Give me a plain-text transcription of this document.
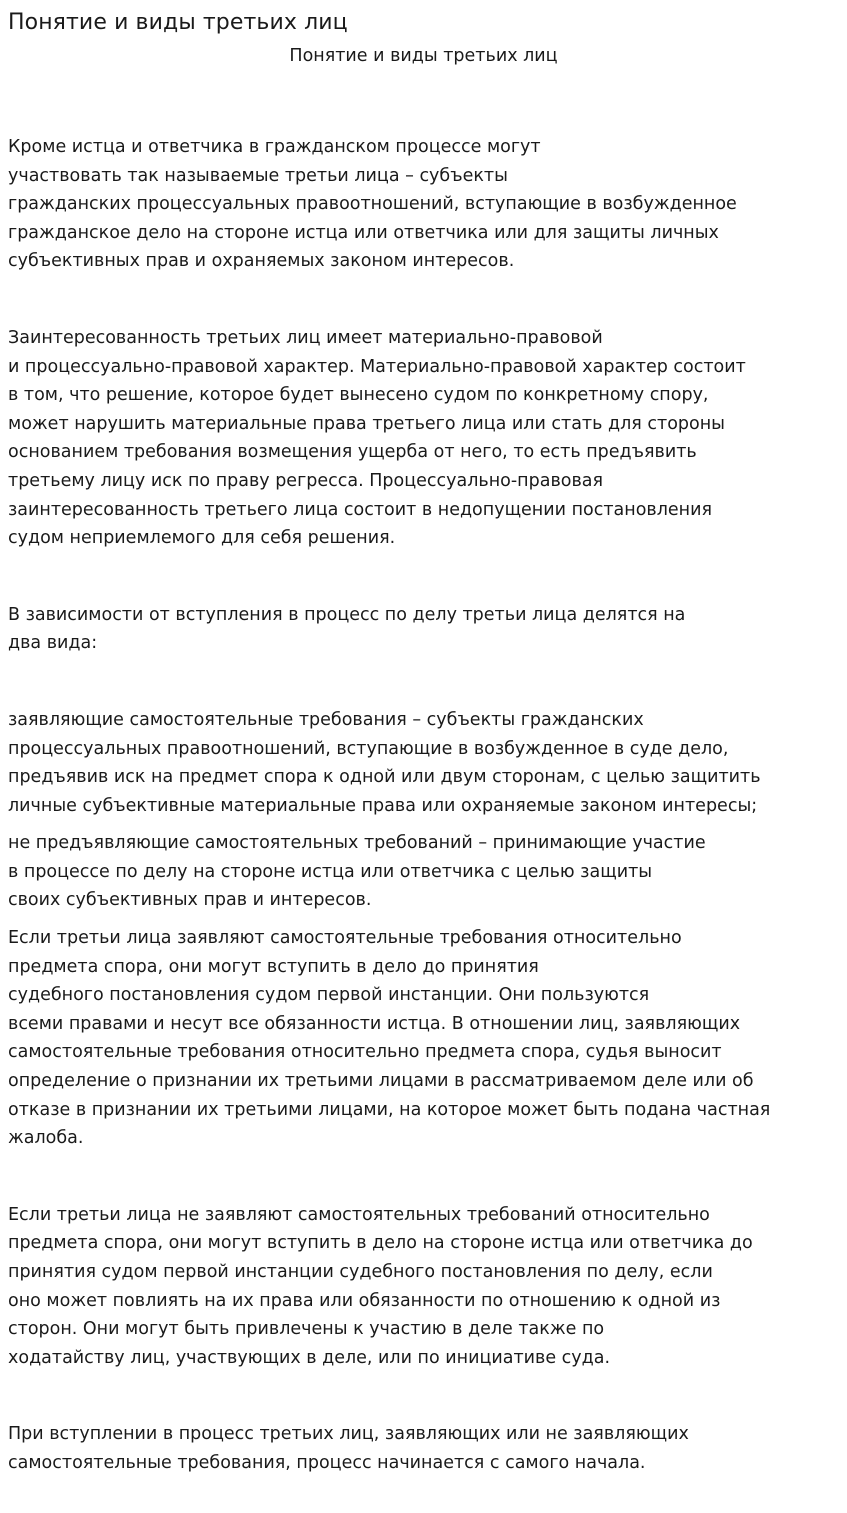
Понятие и виды третьих лиц
Понятие и виды третьих лиц

Кроме истца и ответчика в гражданском процессе могут
участвовать так называемые третьи лица – субъекты
гражданских процессуальных правоотношений, вступающие в возбужденное
гражданское дело на стороне истца или ответчика или для защиты личных
субъективных прав и охраняемых законом интересов.

Заинтересованность третьих лиц имеет материально-правовой
и процессуально-правовой характер. Материально-правовой характер состоит
в том, что решение, которое будет вынесено судом по конкретному спору,
может нарушить материальные права третьего лица или стать для стороны
основанием требования возмещения ущерба от него, то есть предъявить
третьему лицу иск по праву регресса. Процессуально-правовая
заинтересованность третьего лица состоит в недопущении постановления
судом неприемлемого для себя решения.

В зависимости от вступления в процесс по делу третьи лица делятся на
два вида:

заявляющие самостоятельные требования – субъекты гражданских
процессуальных правоотношений, вступающие в возбужденное в суде дело,
предъявив иск на предмет спора к одной или двум сторонам, с целью защитить
личные субъективные материальные права или охраняемые законом интересы;

не предъявляющие самостоятельных требований – принимающие участие
в процессе по делу на стороне истца или ответчика с целью защиты
своих субъективных прав и интересов.

Если третьи лица заявляют самостоятельные требования относительно
предмета спора, они могут вступить в дело до принятия
судебного постановления судом первой инстанции. Они пользуются
всеми правами и несут все обязанности истца. В отношении лиц, заявляющих
самостоятельные требования относительно предмета спора, судья выносит
определение о признании их третьими лицами в рассматриваемом деле или об
отказе в признании их третьими лицами, на которое может быть подана частная
жалоба.

Если третьи лица не заявляют самостоятельных требований относительно
предмета спора, они могут вступить в дело на стороне истца или ответчика до
принятия судом первой инстанции судебного постановления по делу, если
оно может повлиять на их права или обязанности по отношению к одной из
сторон. Они могут быть привлечены к участию в деле также по
ходатайству лиц, участвующих в деле, или по инициативе суда.

При вступлении в процесс третьих лиц, заявляющих или не заявляющих
самостоятельные требования, процесс начинается с самого начала.
